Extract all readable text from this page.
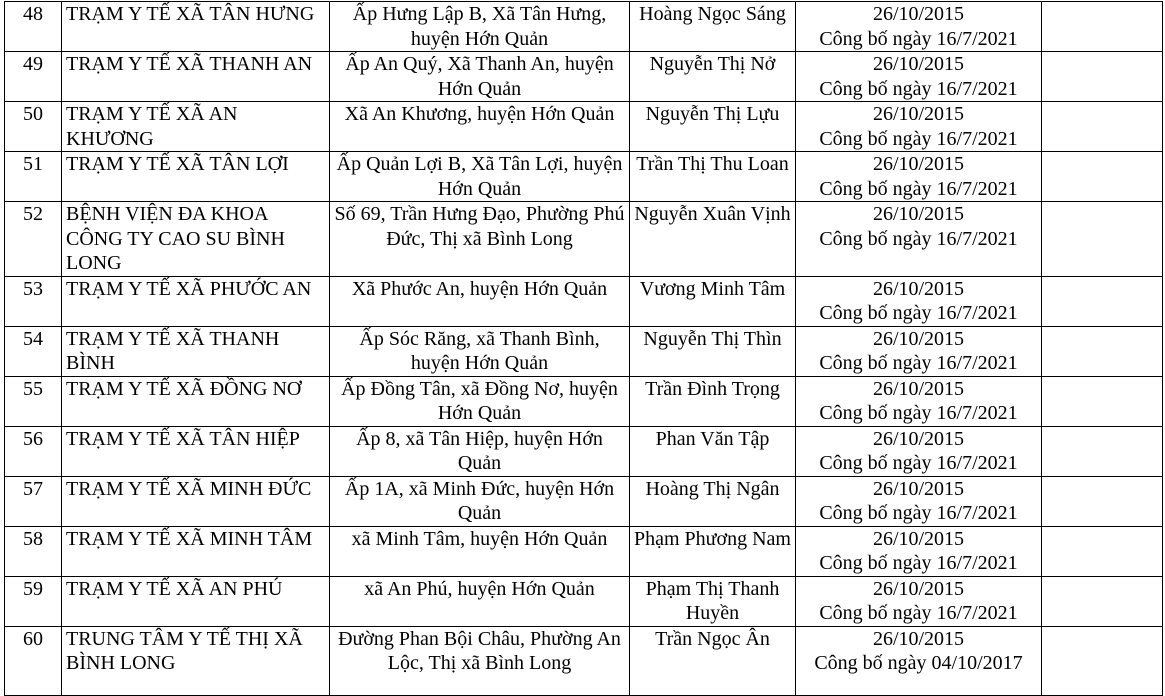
48	TRẠM Y TẾ XÃ TÂN HƯNG	Ấp Hưng Lập B, Xã Tân Hưng, huyện Hớn Quản	Hoàng Ngọc Sáng	26/10/2015
Công bố ngày 16/7/2021	

49	TRẠM Y TẾ XÃ THANH AN	Ấp An Quý, Xã Thanh An, huyện Hớn Quản	Nguyễn Thị Nở	26/10/2015
Công bố ngày 16/7/2021	

50	TRẠM Y TẾ XÃ AN KHƯƠNG	Xã An Khương, huyện Hớn Quản	Nguyễn Thị Lựu	26/10/2015
Công bố ngày 16/7/2021	

51	TRẠM Y TẾ XÃ TÂN LỢI	Ấp Quản Lợi B, Xã Tân Lợi, huyện Hớn Quản	Trần Thị Thu Loan	26/10/2015
Công bố ngày 16/7/2021	

52	BỆNH VIỆN ĐA KHOA CÔNG TY CAO SU BÌNH LONG	Số 69, Trần Hưng Đạo, Phường Phú Đức, Thị xã Bình Long	Nguyễn Xuân Vịnh	26/10/2015
Công bố ngày 16/7/2021	

53	TRẠM Y TẾ XÃ PHƯỚC AN	Xã Phước An, huyện Hớn Quản	Vương Minh Tâm	26/10/2015
Công bố ngày 16/7/2021	

54	TRẠM Y TẾ XÃ THANH BÌNH	Ấp Sóc Răng, xã Thanh Bình, huyện Hớn Quản	Nguyễn Thị Thìn	26/10/2015
Công bố ngày 16/7/2021	

55	TRẠM Y TẾ XÃ ĐỒNG NƠ	Ấp Đồng Tân, xã Đồng Nơ, huyện Hớn Quản	Trần Đình Trọng	26/10/2015
Công bố ngày 16/7/2021	

56	TRẠM Y TẾ XÃ TÂN HIỆP	Ấp 8, xã Tân Hiệp, huyện Hớn Quản	Phan Văn Tập	26/10/2015
Công bố ngày 16/7/2021	

57	TRẠM Y TẾ XÃ MINH ĐỨC	Ấp 1A, xã Minh Đức, huyện Hớn Quản	Hoàng Thị Ngân	26/10/2015
Công bố ngày 16/7/2021	

58	TRẠM Y TẾ XÃ MINH TÂM	xã Minh Tâm, huyện Hớn Quản	Phạm Phương Nam	26/10/2015
Công bố ngày 16/7/2021	

59	TRẠM Y TẾ XÃ AN PHÚ	xã An Phú, huyện Hớn Quản	Phạm Thị Thanh Huyền	26/10/2015
Công bố ngày 16/7/2021	

60	TRUNG TÂM Y TẾ THỊ XÃ BÌNH LONG	Đường Phan Bội Châu, Phường An Lộc, Thị xã Bình Long	Trần Ngọc Ân	26/10/2015
Công bố ngày 04/10/2017	
